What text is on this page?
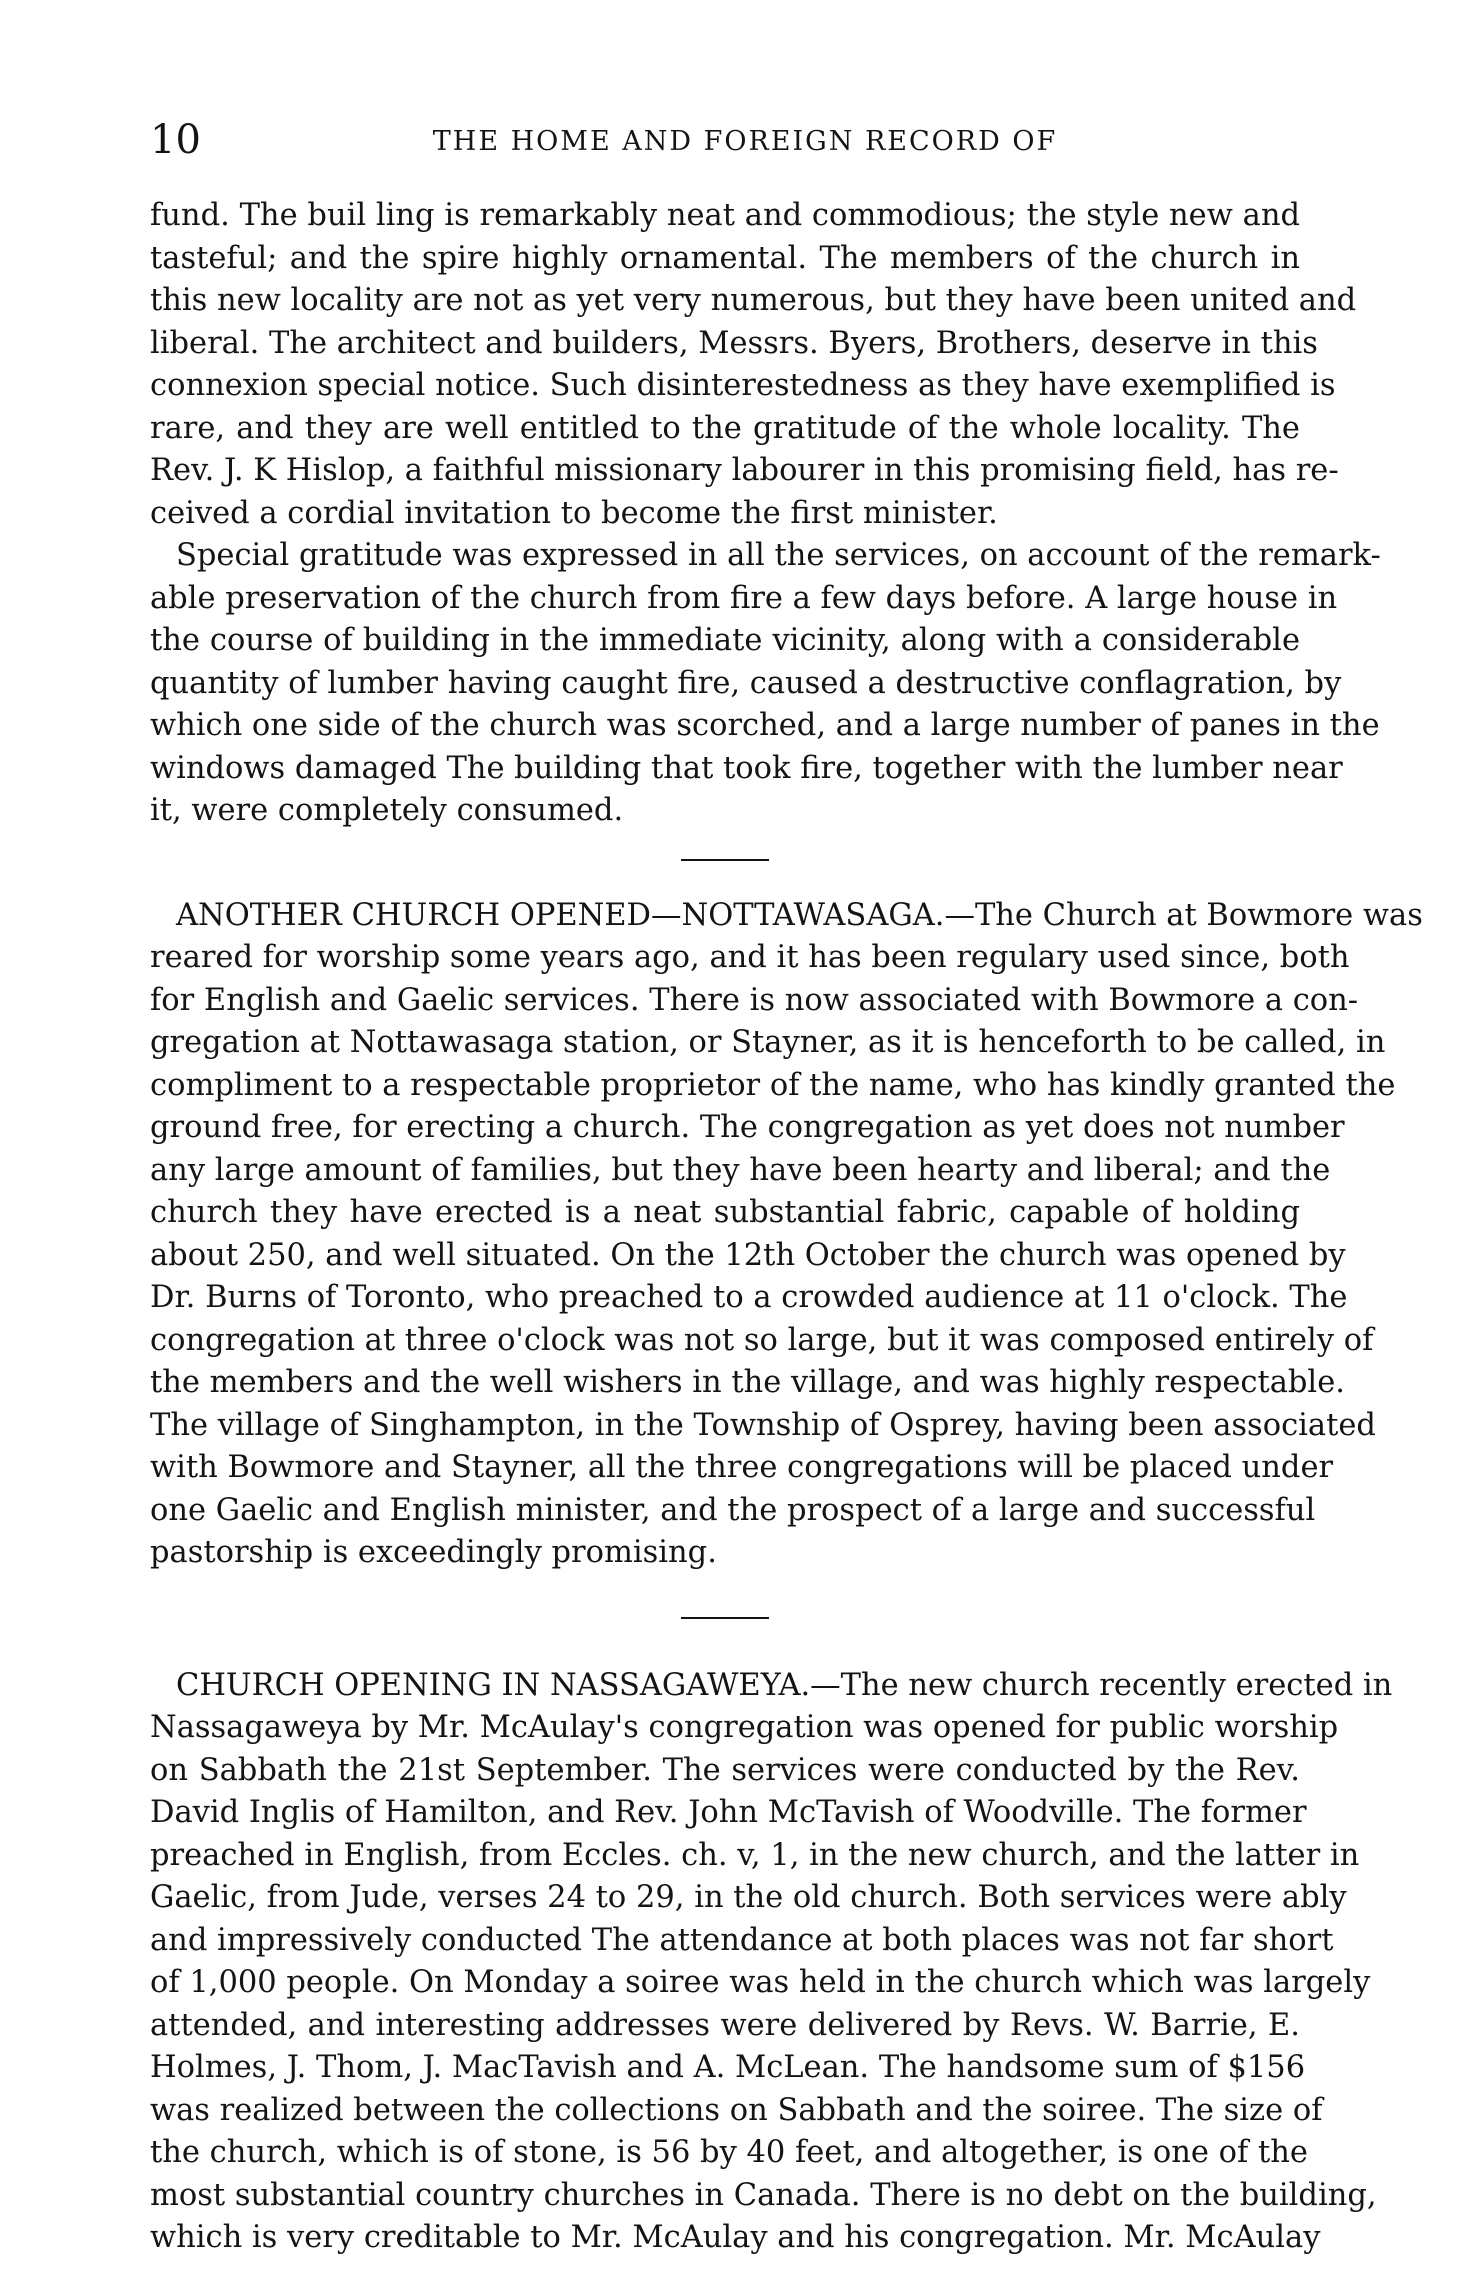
10	THE HOME AND FOREIGN RECORD OF
fund. The buil ling is remarkably neat and commodious; the style new and
tasteful; and the spire highly ornamental. The members of the church in
this new locality are not as yet very numerous, but they have been united and
liberal. The architect and builders, Messrs. Byers, Brothers, deserve in this
connexion special notice. Such disinterestedness as they have exemplified is
rare, and they are well entitled to the gratitude of the whole locality. The
Rev. J. K Hislop, a faithful missionary labourer in this promising field, has re-
ceived a cordial invitation to become the first minister.
Special gratitude was expressed in all the services, on account of the remark-
able preservation of the church from fire a few days before. A large house in
the course of building in the immediate vicinity, along with a considerable
quantity of lumber having caught fire, caused a destructive conflagration, by
which one side of the church was scorched, and a large number of panes in the
windows damaged The building that took fire, together with the lumber near
it, were completely consumed.
ANOTHER CHURCH OPENED—NOTTAWASAGA.—The Church at Bowmore was
reared for worship some years ago, and it has been regulary used since, both
for English and Gaelic services. There is now associated with Bowmore a con-
gregation at Nottawasaga station, or Stayner, as it is henceforth to be called, in
compliment to a respectable proprietor of the name, who has kindly granted the
ground free, for erecting a church. The congregation as yet does not number
any large amount of families, but they have been hearty and liberal; and the
church they have erected is a neat substantial fabric, capable of holding
about 250, and well situated. On the 12th October the church was opened by
Dr. Burns of Toronto, who preached to a crowded audience at 11 o'clock. The
congregation at three o'clock was not so large, but it was composed entirely of
the members and the well wishers in the village, and was highly respectable.
The village of Singhampton, in the Township of Osprey, having been associated
with Bowmore and Stayner, all the three congregations will be placed under
one Gaelic and English minister, and the prospect of a large and successful
pastorship is exceedingly promising.
CHURCH OPENING IN NASSAGAWEYA.—The new church recently erected in
Nassagaweya by Mr. McAulay's congregation was opened for public worship
on Sabbath the 21st September. The services were conducted by the Rev.
David Inglis of Hamilton, and Rev. John McTavish of Woodville. The former
preached in English, from Eccles. ch. v, 1, in the new church, and the latter in
Gaelic, from Jude, verses 24 to 29, in the old church. Both services were ably
and impressively conducted The attendance at both places was not far short
of 1,000 people. On Monday a soiree was held in the church which was largely
attended, and interesting addresses were delivered by Revs. W. Barrie, E.
Holmes, J. Thom, J. MacTavish and A. McLean. The handsome sum of $156
was realized between the collections on Sabbath and the soiree. The size of
the church, which is of stone, is 56 by 40 feet, and altogether, is one of the
most substantial country churches in Canada. There is no debt on the building,
which is very creditable to Mr. McAulay and his congregation. Mr. McAulay
